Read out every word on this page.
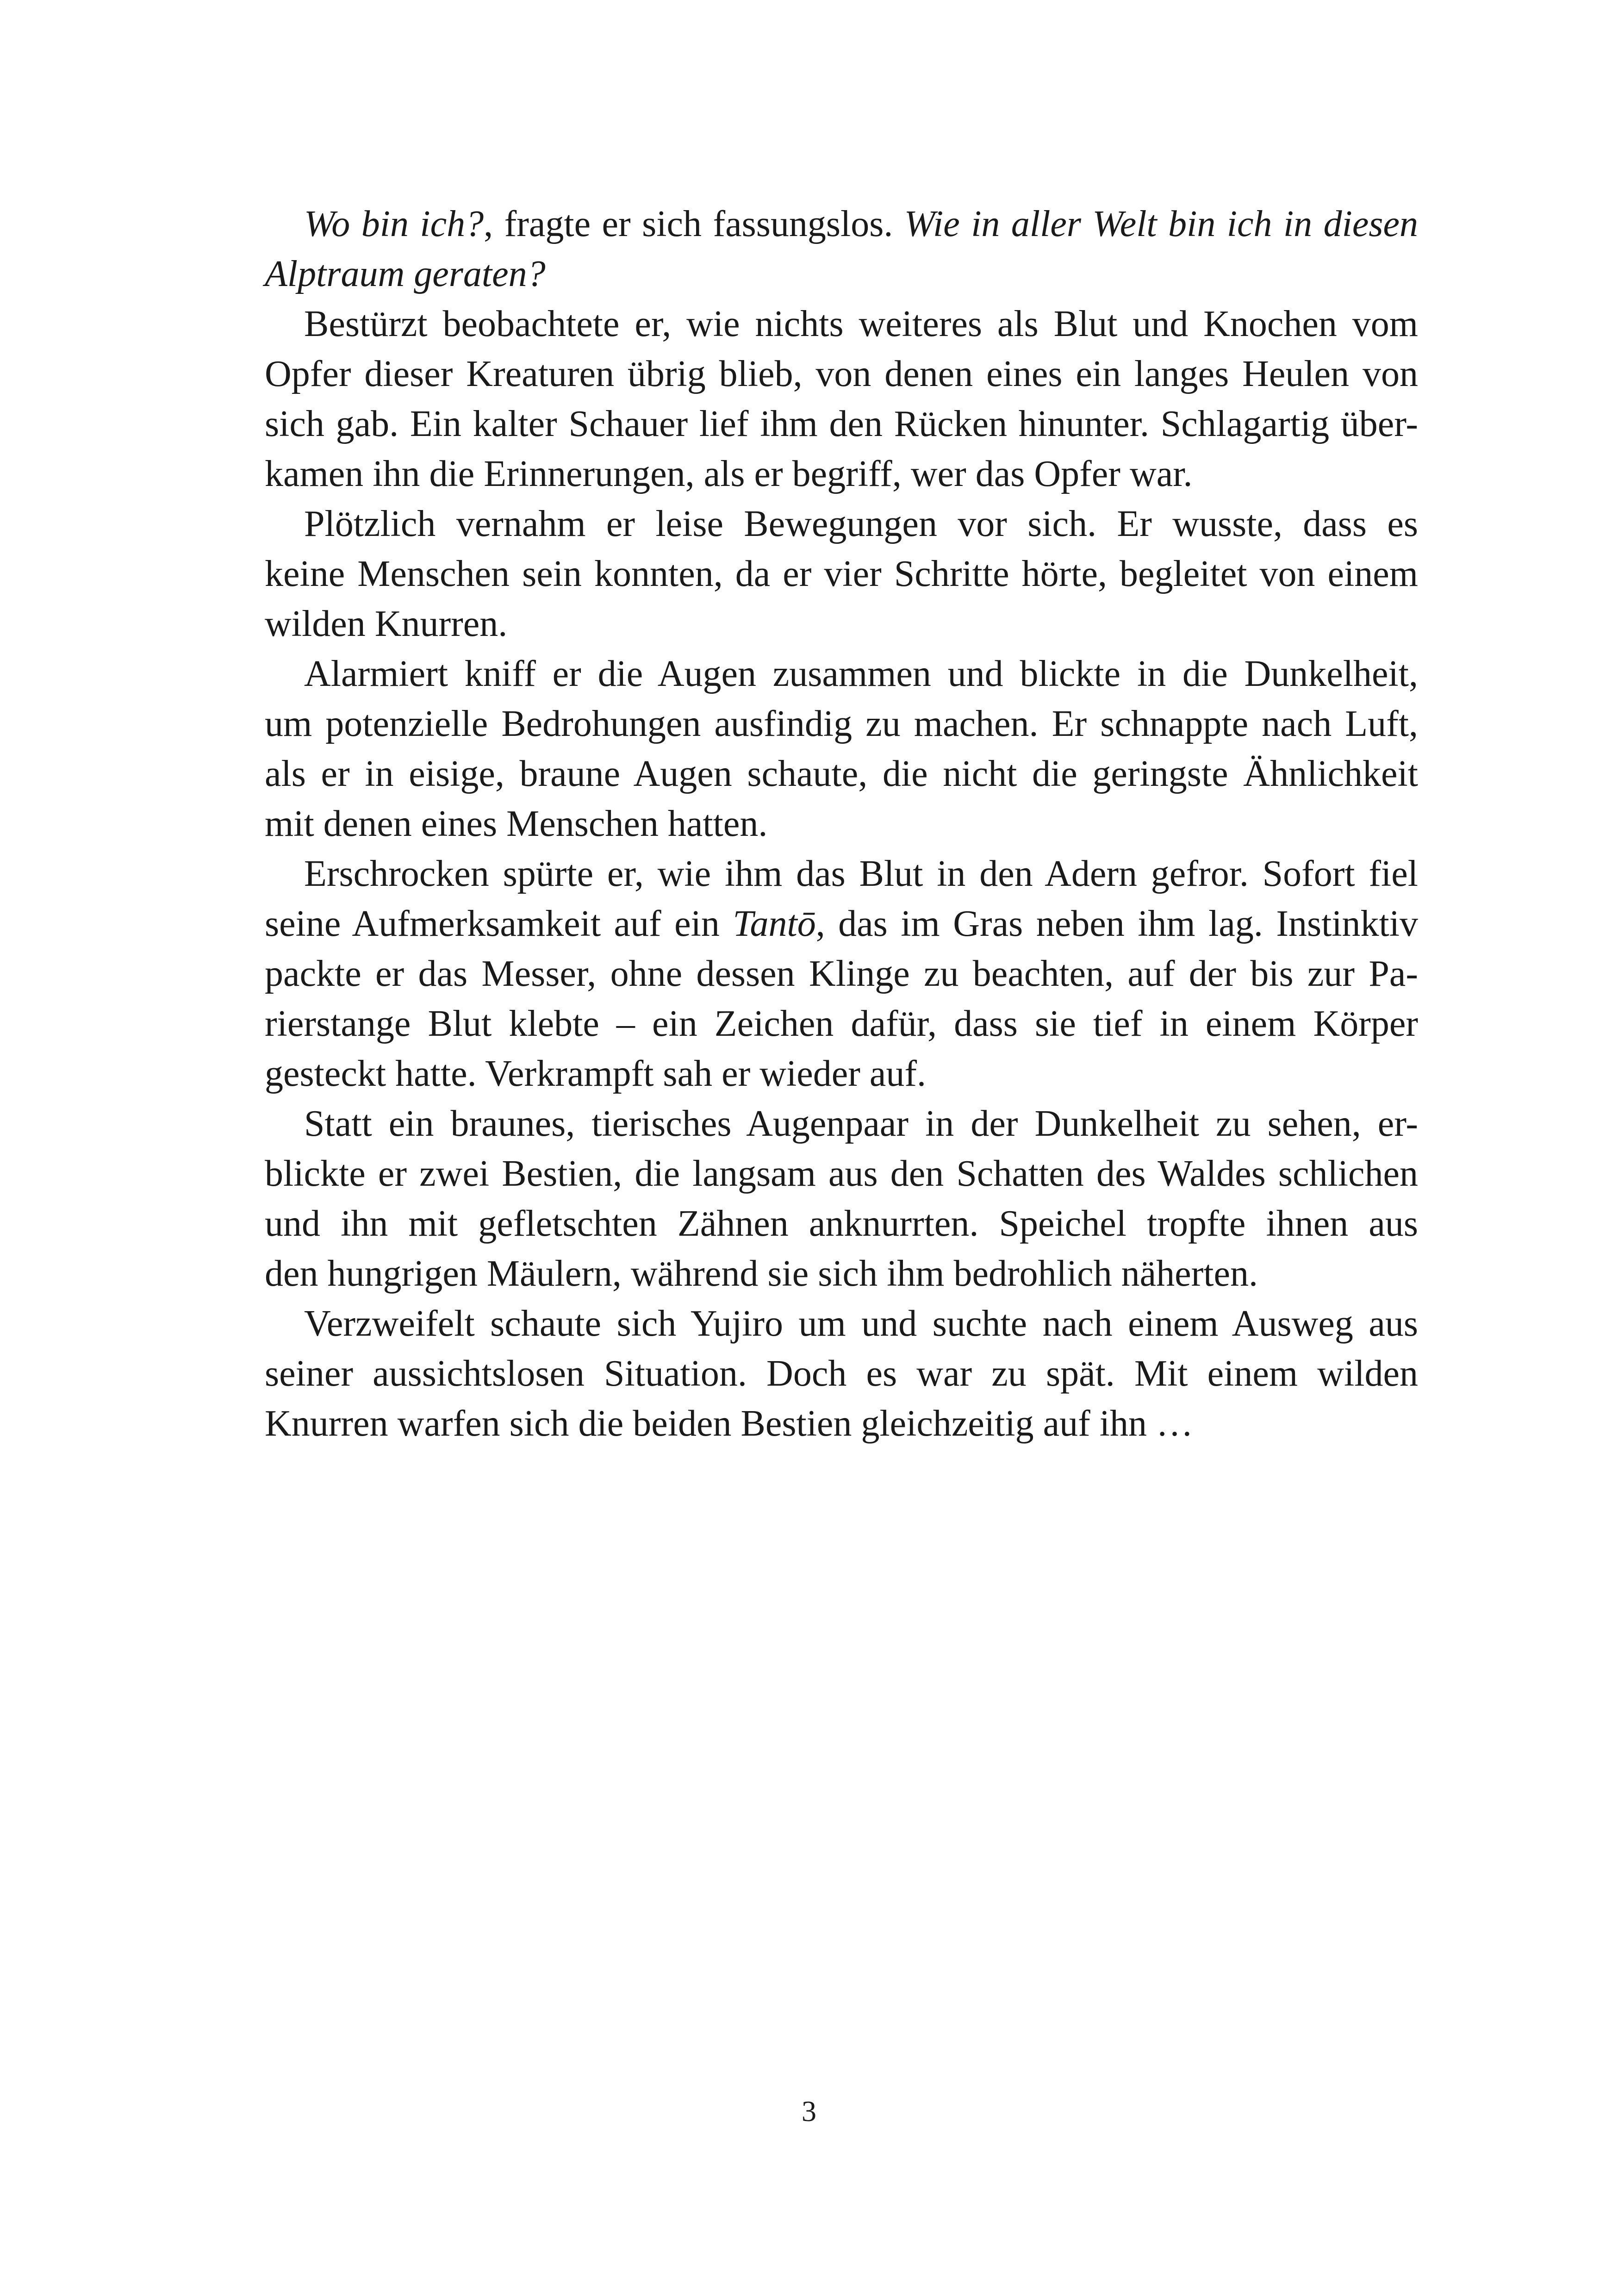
Wo bin ich?, fragte er sich fassungslos. Wie in aller Welt bin ich in diesen
Alptraum geraten?
Bestürzt beobachtete er, wie nichts weiteres als Blut und Knochen vom
Opfer dieser Kreaturen übrig blieb, von denen eines ein langes Heulen von
sich gab. Ein kalter Schauer lief ihm den Rücken hinunter. Schlagartig über-
kamen ihn die Erinnerungen, als er begriff, wer das Opfer war.
Plötzlich vernahm er leise Bewegungen vor sich. Er wusste, dass es
keine Menschen sein konnten, da er vier Schritte hörte, begleitet von einem
wilden Knurren.
Alarmiert kniff er die Augen zusammen und blickte in die Dunkelheit,
um potenzielle Bedrohungen ausfindig zu machen. Er schnappte nach Luft,
als er in eisige, braune Augen schaute, die nicht die geringste Ähnlichkeit
mit denen eines Menschen hatten.
Erschrocken spürte er, wie ihm das Blut in den Adern gefror. Sofort fiel
seine Aufmerksamkeit auf ein Tantō, das im Gras neben ihm lag. Instinktiv
packte er das Messer, ohne dessen Klinge zu beachten, auf der bis zur Pa-
rierstange Blut klebte – ein Zeichen dafür, dass sie tief in einem Körper
gesteckt hatte. Verkrampft sah er wieder auf.
Statt ein braunes, tierisches Augenpaar in der Dunkelheit zu sehen, er-
blickte er zwei Bestien, die langsam aus den Schatten des Waldes schlichen
und ihn mit gefletschten Zähnen anknurrten. Speichel tropfte ihnen aus
den hungrigen Mäulern, während sie sich ihm bedrohlich näherten.
Verzweifelt schaute sich Yujiro um und suchte nach einem Ausweg aus
seiner aussichtslosen Situation. Doch es war zu spät. Mit einem wilden
Knurren warfen sich die beiden Bestien gleichzeitig auf ihn …
3
